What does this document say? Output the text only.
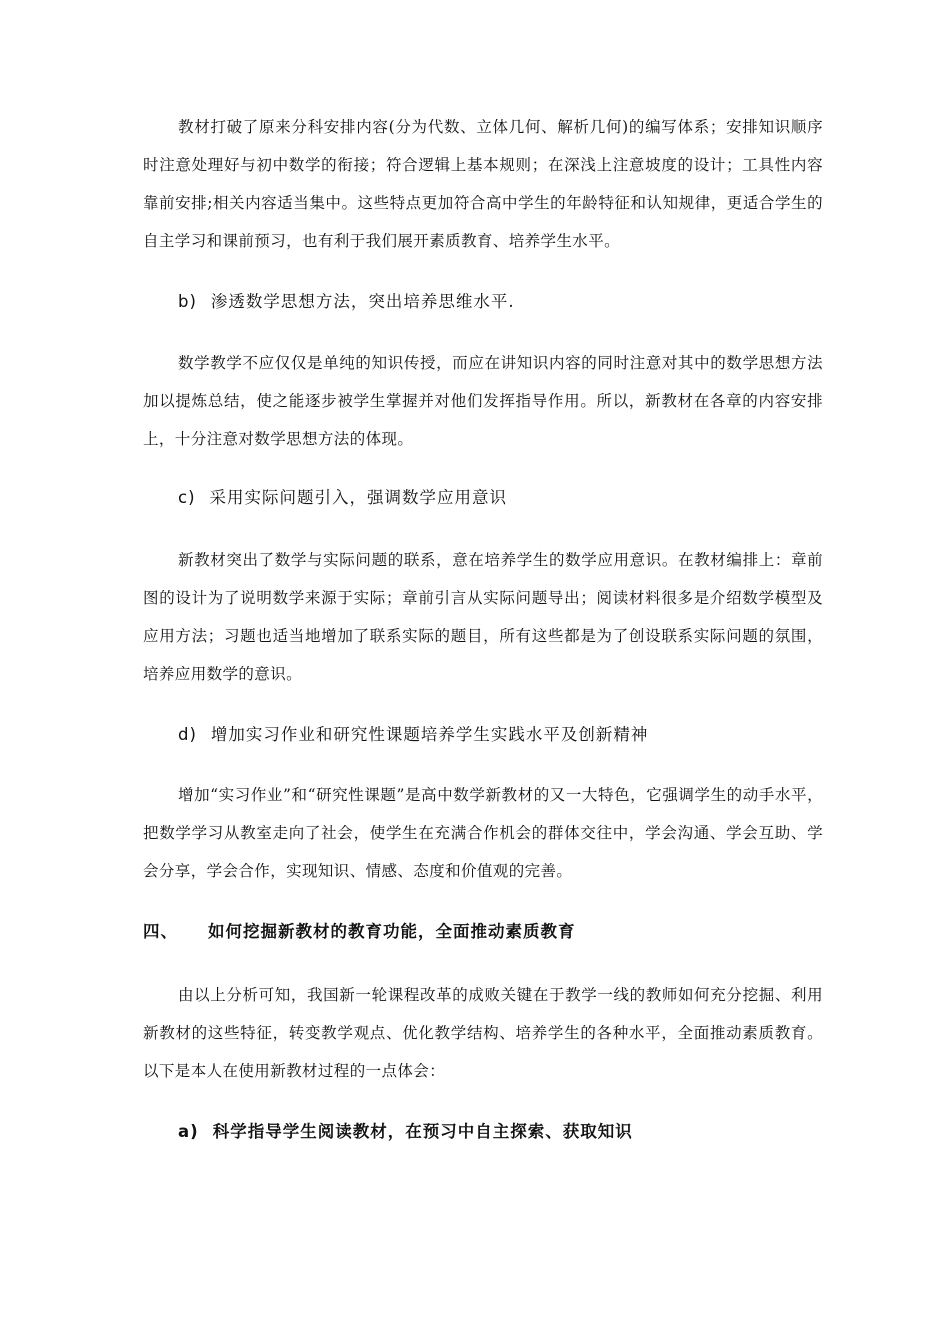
教材打破了原来分科安排内容(分为代数、立体几何、解析几何)的编写体系；安排知识顺序时注意处理好与初中数学的衔接；符合逻辑上基本规则；在深浅上注意坡度的设计；工具性内容靠前安排;相关内容适当集中。这些特点更加符合高中学生的年龄特征和认知规律，更适合学生的自主学习和课前预习，也有利于我们展开素质教育、培养学生水平。

b) 渗透数学思想方法，突出培养思维水平.

数学教学不应仅仅是单纯的知识传授，而应在讲知识内容的同时注意对其中的数学思想方法加以提炼总结，使之能逐步被学生掌握并对他们发挥指导作用。所以，新教材在各章的内容安排上，十分注意对数学思想方法的体现。

c) 采用实际问题引入，强调数学应用意识

新教材突出了数学与实际问题的联系，意在培养学生的数学应用意识。在教材编排上：章前图的设计为了说明数学来源于实际；章前引言从实际问题导出；阅读材料很多是介绍数学模型及应用方法；习题也适当地增加了联系实际的题目，所有这些都是为了创设联系实际问题的氛围，培养应用数学的意识。

d) 增加实习作业和研究性课题培养学生实践水平及创新精神

增加“实习作业”和“研究性课题”是高中数学新教材的又一大特色，它强调学生的动手水平，把数学学习从教室走向了社会，使学生在充满合作机会的群体交往中，学会沟通、学会互助、学会分享，学会合作，实现知识、情感、态度和价值观的完善。

四、 如何挖掘新教材的教育功能，全面推动素质教育

由以上分析可知，我国新一轮课程改革的成败关键在于教学一线的教师如何充分挖掘、利用新教材的这些特征，转变教学观点、优化教学结构、培养学生的各种水平，全面推动素质教育。以下是本人在使用新教材过程的一点体会：

a) 科学指导学生阅读教材，在预习中自主探索、获取知识
